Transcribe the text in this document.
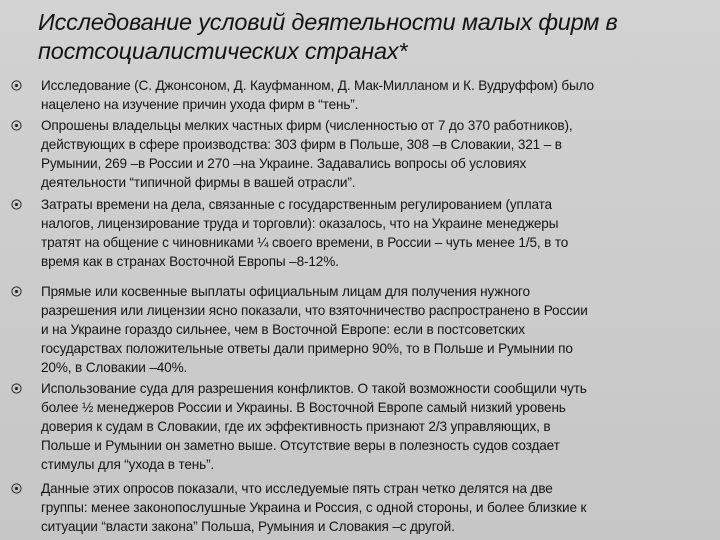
Исследование условий деятельности малых фирм в
постсоциалистических странах*
Исследование (С. Джонсоном, Д. Кауфманном, Д. Мак-Милланом и К. Вудруффом) было
нацелено на изучение причин ухода фирм в “тень”.
Опрошены владельцы мелких частных фирм (численностью от 7 до 370 работников),
действующих в сфере производства: 303 фирм в Польше, 308 –в Словакии, 321 – в
Румынии, 269 –в России и 270 –на Украине. Задавались вопросы об условиях
деятельности “типичной фирмы в вашей отрасли”.
Затраты времени на дела, связанные с государственным регулированием (уплата
налогов, лицензирование труда и торговли): оказалось, что на Украине менеджеры
тратят на общение с чиновниками ¼ своего времени, в России – чуть менее 1/5, в то
время как в странах Восточной Европы –8-12%.
Прямые или косвенные выплаты официальным лицам для получения нужного
разрешения или лицензии ясно показали, что взяточничество распространено в России
и на Украине гораздо сильнее, чем в Восточной Европе: если в постсоветских
государствах положительные ответы дали примерно 90%, то в Польше и Румынии по
20%, в Словакии –40%.
Использование суда для разрешения конфликтов. О такой возможности сообщили чуть
более ½ менеджеров России и Украины. В Восточной Европе самый низкий уровень
доверия к судам в Словакии, где их эффективность признают 2/3 управляющих, в
Польше и Румынии он заметно выше. Отсутствие веры в полезность судов создает
стимулы для “ухода в тень”.
Данные этих опросов показали, что исследуемые пять стран четко делятся на две
группы: менее законопослушные Украина и Россия, с одной стороны, и более близкие к
ситуации “власти закона” Польша, Румыния и Словакия –с другой.
